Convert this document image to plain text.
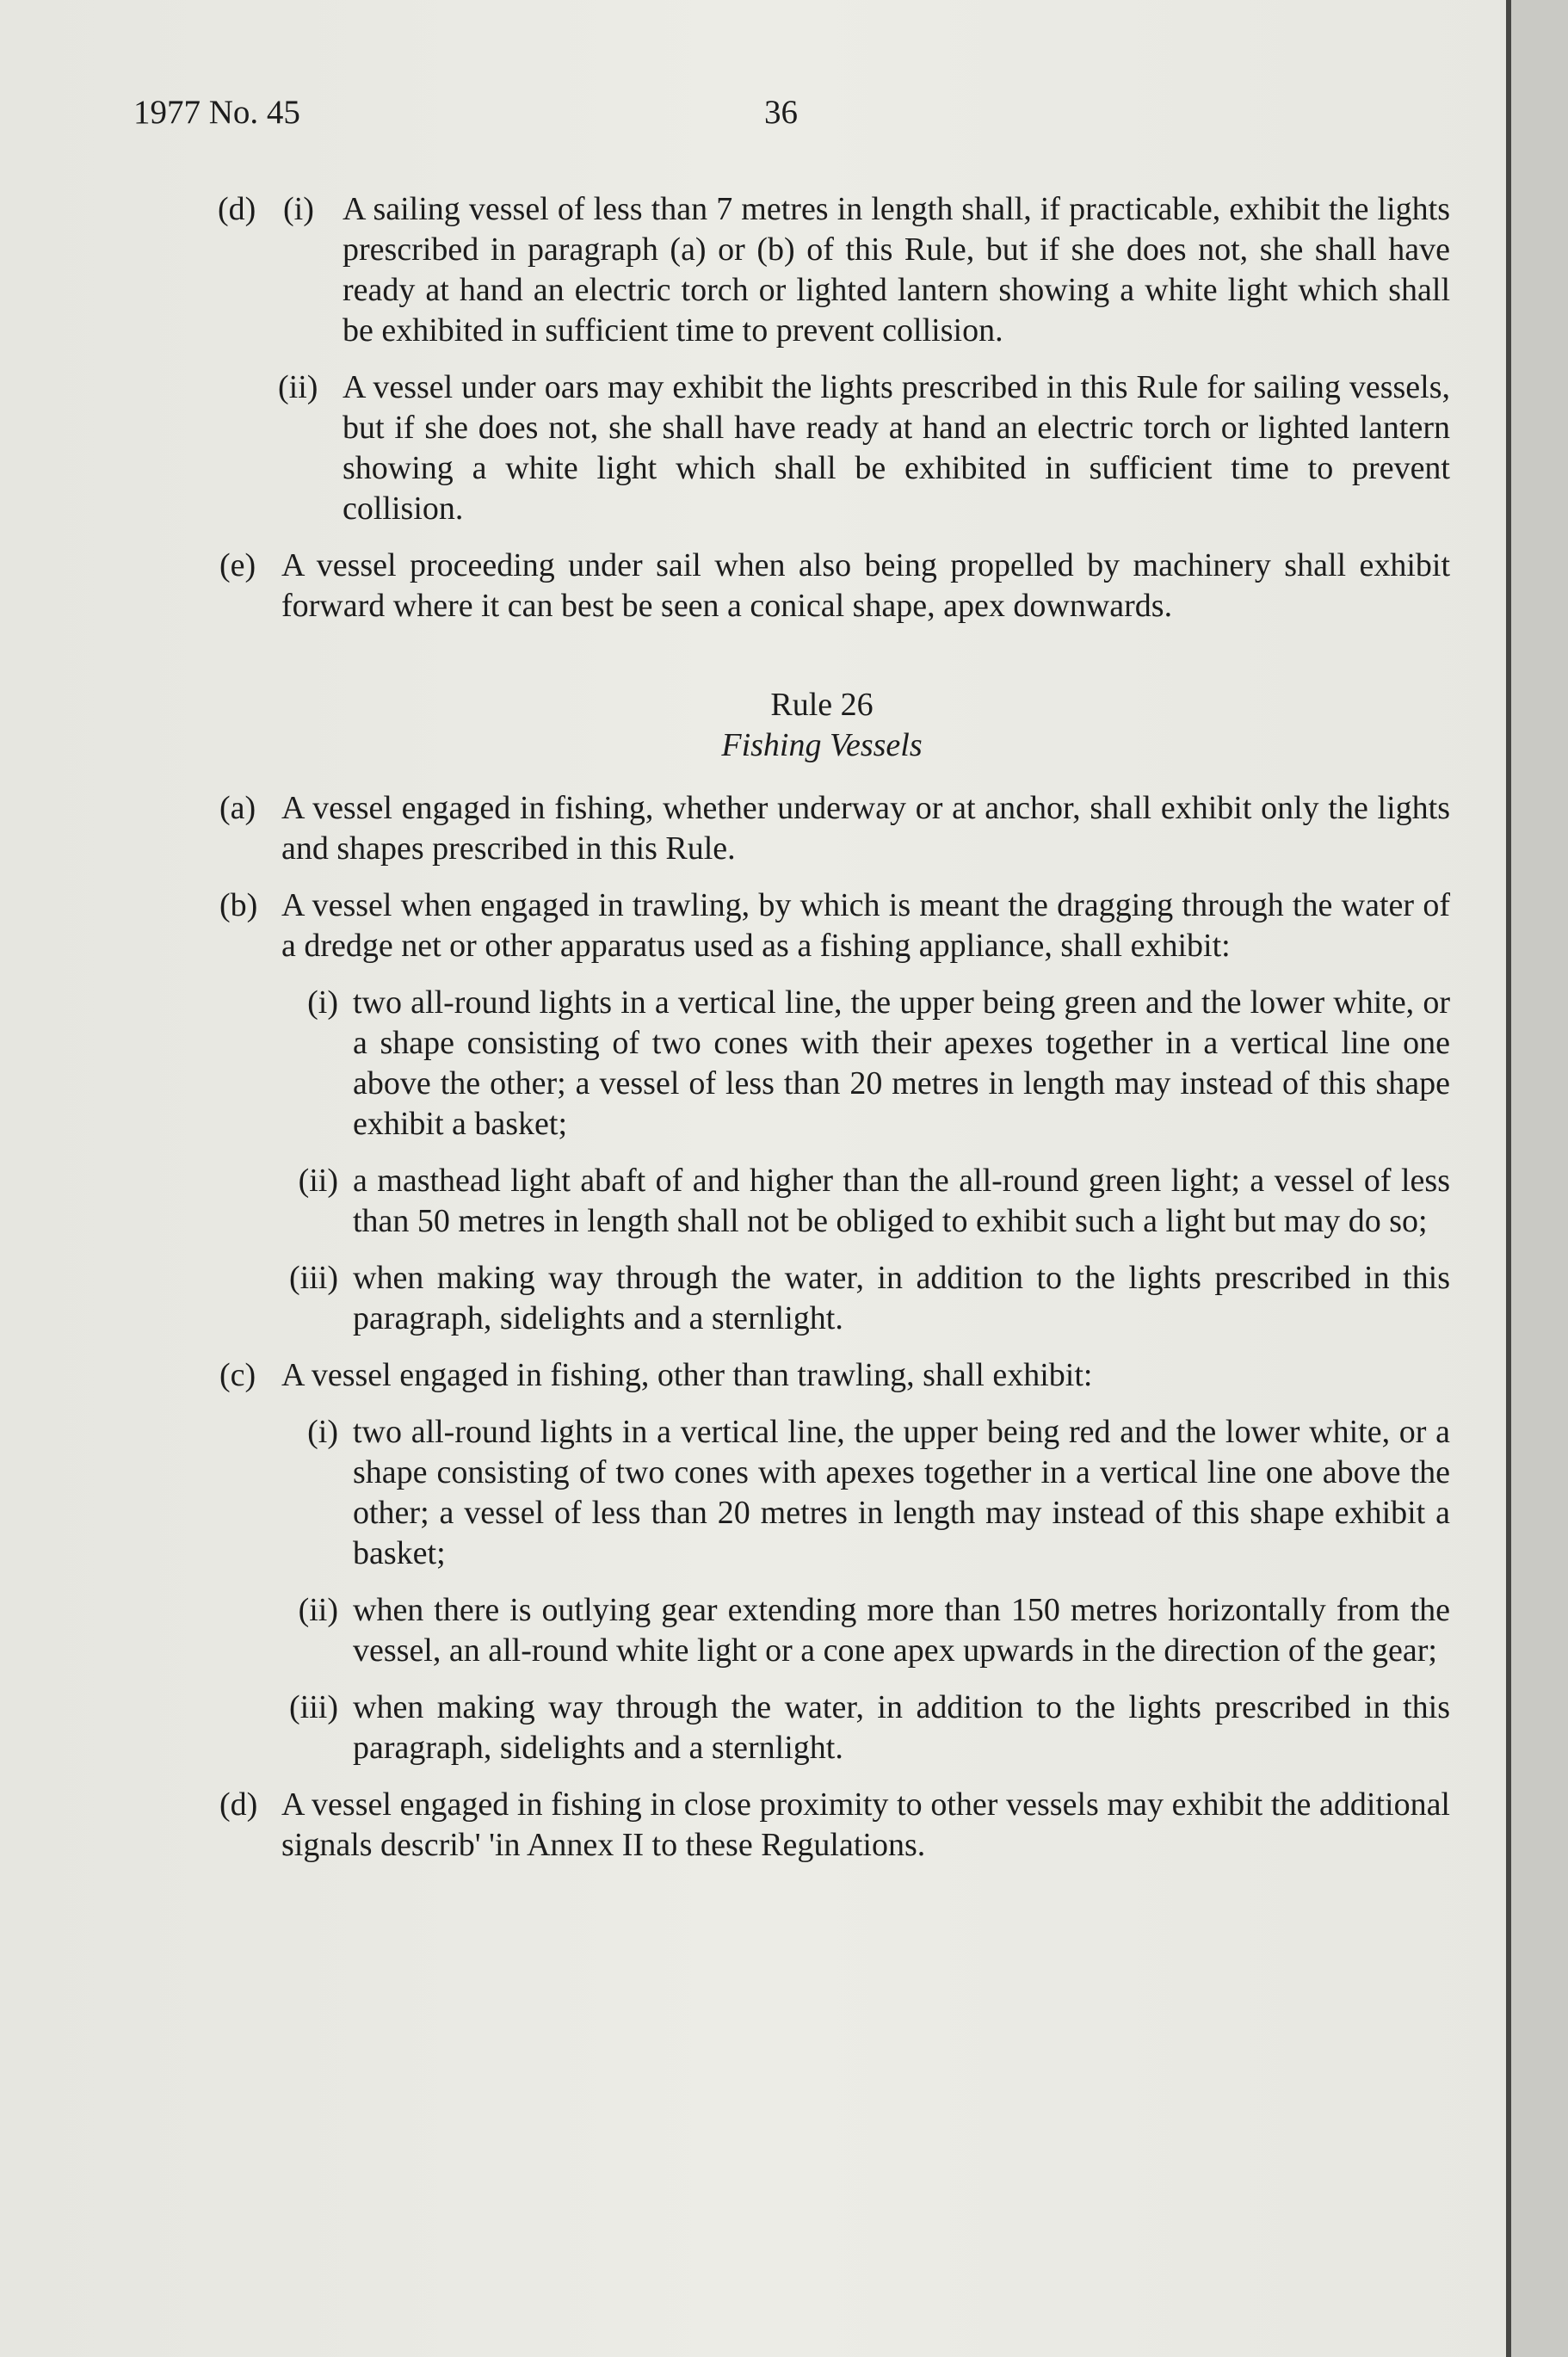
1977 No. 45	36
(d) (i) A sailing vessel of less than 7 metres in length shall, if practicable, exhibit the lights prescribed in paragraph (a) or (b) of this Rule, but if she does not, she shall have ready at hand an electric torch or lighted lantern showing a white light which shall be exhibited in sufficient time to prevent collision.
(ii) A vessel under oars may exhibit the lights prescribed in this Rule for sailing vessels, but if she does not, she shall have ready at hand an electric torch or lighted lantern showing a white light which shall be exhibited in sufficient time to prevent collision.
(e) A vessel proceeding under sail when also being propelled by machinery shall exhibit forward where it can best be seen a conical shape, apex downwards.
Rule 26
Fishing Vessels
(a) A vessel engaged in fishing, whether underway or at anchor, shall exhibit only the lights and shapes prescribed in this Rule.
(b) A vessel when engaged in trawling, by which is meant the dragging through the water of a dredge net or other apparatus used as a fishing appliance, shall exhibit:
(i) two all-round lights in a vertical line, the upper being green and the lower white, or a shape consisting of two cones with their apexes together in a vertical line one above the other; a vessel of less than 20 metres in length may instead of this shape exhibit a basket;
(ii) a masthead light abaft of and higher than the all-round green light; a vessel of less than 50 metres in length shall not be obliged to exhibit such a light but may do so;
(iii) when making way through the water, in addition to the lights prescribed in this paragraph, sidelights and a sternlight.
(c) A vessel engaged in fishing, other than trawling, shall exhibit:
(i) two all-round lights in a vertical line, the upper being red and the lower white, or a shape consisting of two cones with apexes together in a vertical line one above the other; a vessel of less than 20 metres in length may instead of this shape exhibit a basket;
(ii) when there is outlying gear extending more than 150 metres horizontally from the vessel, an all-round white light or a cone apex upwards in the direction of the gear;
(iii) when making way through the water, in addition to the lights prescribed in this paragraph, sidelights and a sternlight.
(d) A vessel engaged in fishing in close proximity to other vessels may exhibit the additional signals describ' 'in Annex II to these Regulations.
